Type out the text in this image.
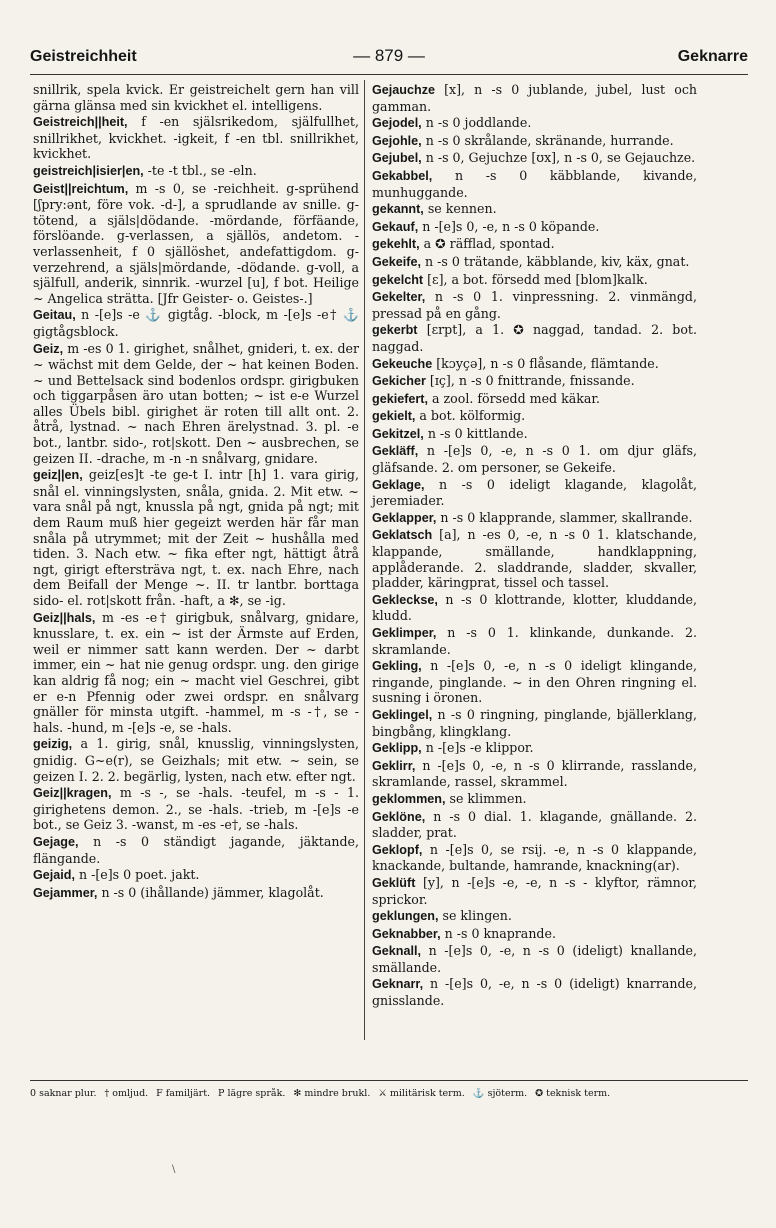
Geistreichheit	— 879 —	Geknarre
snillrik, spela kvick. Er geistreichelt gern han vill gärna glänsa med sin kvickhet el. intelligens.
Geistreich||heit, f -en själsrikedom, själfullhet, snillrikhet, kvickhet. -igkeit, f -en tbl. snillrikhet, kvickhet.
geistreich|isier|en, -te -t tbl., se -eln.
Geist||reichtum, m -s 0, se -reichheit. g-sprühend [ʃpry:ənt, före vok. -d-], a sprudlande av snille. g-tötend, a själs|dödande. -mördande, förfäande, förslöande. g-verlassen, a själlös, andetom. -verlassenheit, f 0 själlöshet, andefattigdom. g-verzehrend, a själs|mördande, -dödande. g-voll, a själfull, anderik, sinnrik. -wurzel [u], f bot. Heilige ~ Angelica strätta. [Jfr Geister- o. Geistes-.]
Geitau, n -[e]s -e ⚓ gigtåg. -block, m -[e]s -e† ⚓ gigtågsblock.
Geiz, m -es 0 1. girighet, snålhet, gniderі, t. ex. der ~ wächst mit dem Gelde, der ~ hat keinen Boden. ~ und Bettelsack sind bodenlos ordspr. girigbuken och tiggarpåsen äro utan botten; ~ ist e-e Wurzel alles Übels bibl. girighet är roten till allt ont. 2. åtrå, lystnad. ~ nach Ehren ärelystnad. 3. pl. -e bot., lantbr. sido-, rot|skott. Den ~ ausbrechen, se geizen II. -drache, m -n -n snålvarg, gnidare.
geiz||en, geiz[es]t -te ge-t I. intr [h] 1. vara girig, snål el. vinningslysten, snåla, gnida. 2. Mit etw. ~ vara snål på ngt, knussla på ngt, gnida på ngt; mit dem Raum muß hier gegeizt werden här får man snåla på utrymmet; mit der Zeit ~ hushålla med tiden. 3. Nach etw. ~ fika efter ngt, hättigt åtrå ngt, girigt eftersträva ngt, t. ex. nach Ehre, nach dem Beifall der Menge ~. II. tr lantbr. borttaga sido- el. rot|skott från. -haft, a ✻, se -ig.
Geiz||hals, m -es -e† girigbuk, snålvarg, gnidare, knusslare, t. ex. ein ~ ist der Ärmste auf Erden, weil er nimmer satt kann werden. Der ~ darbt immer, ein ~ hat nie genug ordspr. ung. den girige kan aldrig få nog; ein ~ macht viel Geschrei, gibt er e-n Pfennig oder zwei ordspr. en snålvarg gnäller för minsta utgift. -hammel, m -s -†, se -hals. -hund, m -[e]s -e, se -hals.
geizig, a 1. girig, snål, knusslig, vinningslysten, gnidig. G~e(r), se Geizhals; mit etw. ~ sein, se geizen I. 2. 2. begärlig, lysten, nach etw. efter ngt.
Geiz||kragen, m -s -, se -hals. -teufel, m -s - 1. girighetens demon. 2., se -hals. -trieb, m -[e]s -e bot., se Geiz 3. -wanst, m -es -e†, se -hals.
Gejage, n -s 0 ständigt jagande, jäktande, flängande.
Gejaid, n -[e]s 0 poet. jakt.
Gejammer, n -s 0 (ihållande) jämmer, klagolåt.
Gejauchze [x], n -s 0 jublande, jubel, lust och gamman.
Gejodel, n -s 0 joddlande.
Gejohle, n -s 0 skrålande, skränande, hurrande.
Gejubel, n -s 0, Gejuchze [ʊx], n -s 0, se Gejauchze.
Gekabbel, n -s 0 käbblande, kivande, munhuggande.
gekannt, se kennen.
Gekauf, n -[e]s 0, -e, n -s 0 köpande.
gekehlt, a ✪ räfflad, spontad.
Gekeife, n -s 0 trätande, käbblande, kiv, käx, gnat.
gekelcht [ɛ], a bot. försedd med [blom]kalk.
Gekelter, n -s 0 1. vinpressning. 2. vinmängd, pressad på en gång.
gekerbt [ɛrpt], a 1. ✪ naggad, tandad. 2. bot. naggad.
Gekeuche [kɔyçə], n -s 0 flåsande, flämtande.
Gekicher [ɪç], n -s 0 fnittrande, fnissande.
gekiefert, a zool. försedd med käkar.
gekielt, a bot. kölformig.
Gekitzel, n -s 0 kittlande.
Gekläff, n -[e]s 0, -e, n -s 0 1. om djur gläfs, gläfsande. 2. om personer, se Gekeife.
Geklage, n -s 0 ideligt klagande, klagolåt, jeremiader.
Geklapper, n -s 0 klapprande, slammer, skallrande.
Geklatsch [a], n -es 0, -e, n -s 0 1. klatschande, klappande, smällande, handklappning, applåderande. 2. sladdrande, sladder, skvaller, pladder, käringprat, tissel och tassel.
Gekleckse, n -s 0 klottrande, klotter, kluddande, kludd.
Geklimper, n -s 0 1. klinkande, dunkande. 2. skramlande.
Gekling, n -[e]s 0, -e, n -s 0 ideligt klingande, ringande, pinglande. ~ in den Ohren ringning el. susning i öronen.
Geklingel, n -s 0 ringning, pinglande, bjällerklang, bingbång, klingklang.
Geklipp, n -[e]s -e klippor.
Geklirr, n -[e]s 0, -e, n -s 0 klirrande, rasslande, skramlande, rassel, skrammel.
geklommen, se klimmen.
Geklöne, n -s 0 dial. 1. klagande, gnällande. 2. sladder, prat.
Geklopf, n -[e]s 0, se rsij. -e, n -s 0 klappande, knackande, bultande, hamrande, knackning(ar).
Geklüft [y], n -[e]s -e, -e, n -s - klyftor, rämnor, sprickor.
geklungen, se klingen.
Geknabber, n -s 0 knaprande.
Geknall, n -[e]s 0, -e, n -s 0 (ideligt) knallande, smällande.
Geknarr, n -[e]s 0, -e, n -s 0 (ideligt) knarrande, gnisslande.
0 saknar plur. † omljud. F familjärt. P lägre språk. ✻ mindre brukl. ⚔ militärisk term. ⚓ sjöterm. ✪ teknisk term.
\
